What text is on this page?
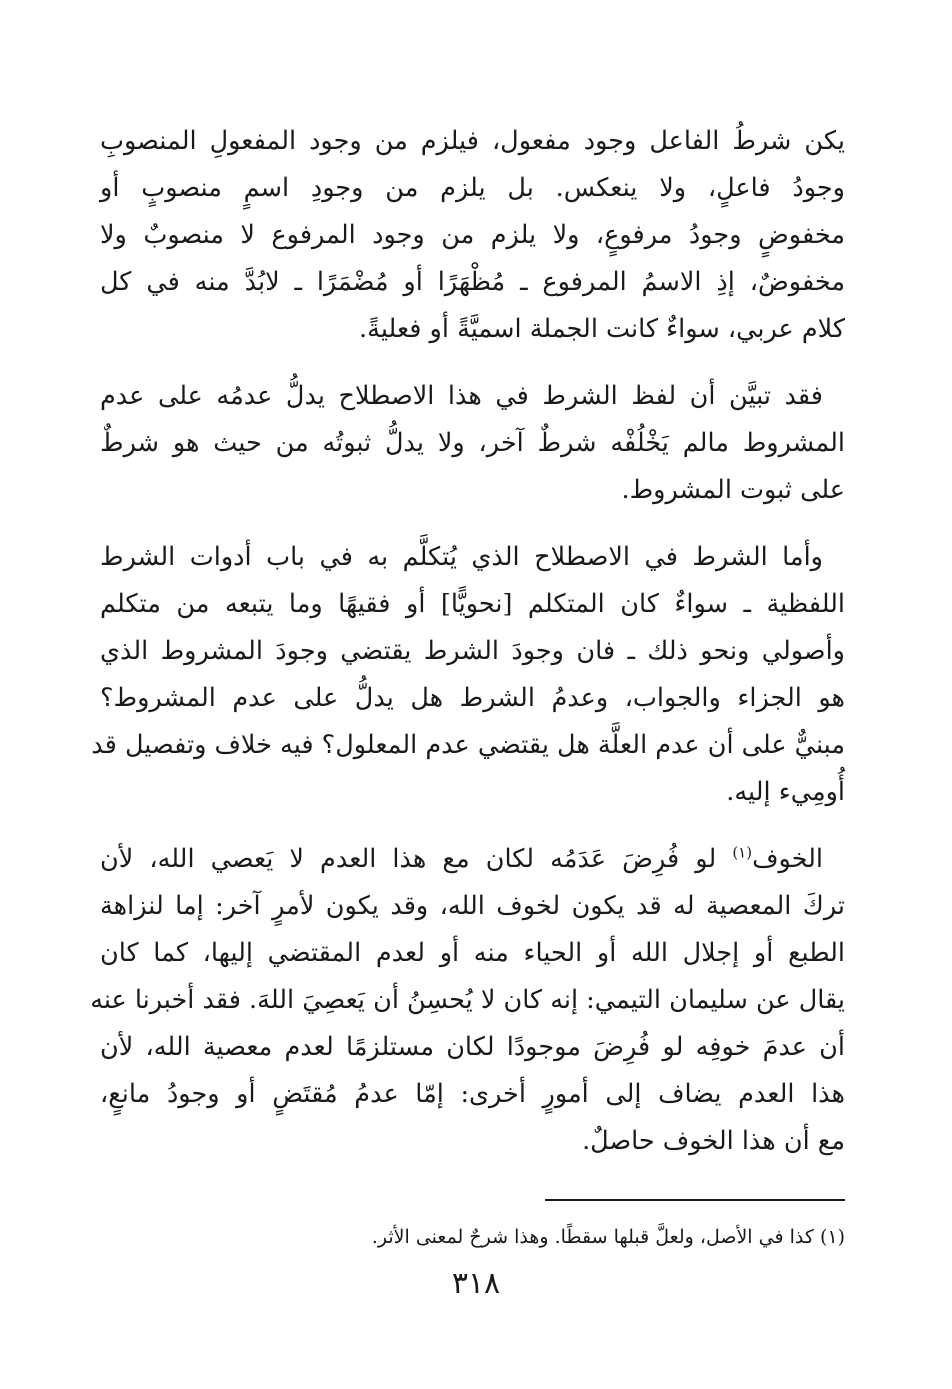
يكن شرطُ الفاعل وجود مفعول، فيلزم من وجود المفعولِ المنصوبِ

وجودُ فاعلٍ، ولا ينعكس. بل يلزم من وجودِ اسمٍ منصوبٍ أو

مخفوضٍ وجودُ مرفوعٍ، ولا يلزم من وجود المرفوع لا منصوبٌ ولا

مخفوضٌ، إذِ الاسمُ المرفوع ـ مُظْهَرًا أو مُضْمَرًا ـ لابُدَّ منه في كل

كلام عربي، سواءٌ كانت الجملة اسميَّةً أو فعليةً.

فقد تبيَّن أن لفظ الشرط في هذا الاصطلاح يدلُّ عدمُه على عدم

المشروط مالم يَخْلُفْه شرطٌ آخر، ولا يدلُّ ثبوتُه من حيث هو شرطٌ

على ثبوت المشروط.

وأما الشرط في الاصطلاح الذي يُتكلَّم به في باب أدوات الشرط

اللفظية ـ سواءٌ كان المتكلم [نحويًّا] أو فقيهًا وما يتبعه من متكلم

وأصولي ونحو ذلك ـ فان وجودَ الشرط يقتضي وجودَ المشروط الذي

هو الجزاء والجواب، وعدمُ الشرط هل يدلُّ على عدم المشروط؟

مبنيٌّ على أن عدم العلَّة هل يقتضي عدم المعلول؟ فيه خلاف وتفصيل قد

أُومِيء إليه.

الخوف$^{(١)}$ لو فُرِضَ عَدَمُه لكان مع هذا العدم لا يَعصي الله، لأن

تركَ المعصية له قد يكون لخوف الله، وقد يكون لأمرٍ آخر: إما لنزاهة

الطبع أو إجلال الله أو الحياء منه أو لعدم المقتضي إليها، كما كان

يقال عن سليمان التيمي: إنه كان لا يُحسِنُ أن يَعصِيَ اللهَ. فقد أخبرنا عنه

أن عدمَ خوفِه لو فُرِضَ موجودًا لكان مستلزمًا لعدم معصية الله، لأن

هذا العدم يضاف إلى أمورٍ أخرى: إمّا عدمُ مُقتَضٍ أو وجودُ مانعٍ،

مع أن هذا الخوف حاصلٌ.

(١) كذا في الأصل، ولعلَّ قبلها سقطًا. وهذا شرحٌ لمعنى الأثر.
٣١٨
